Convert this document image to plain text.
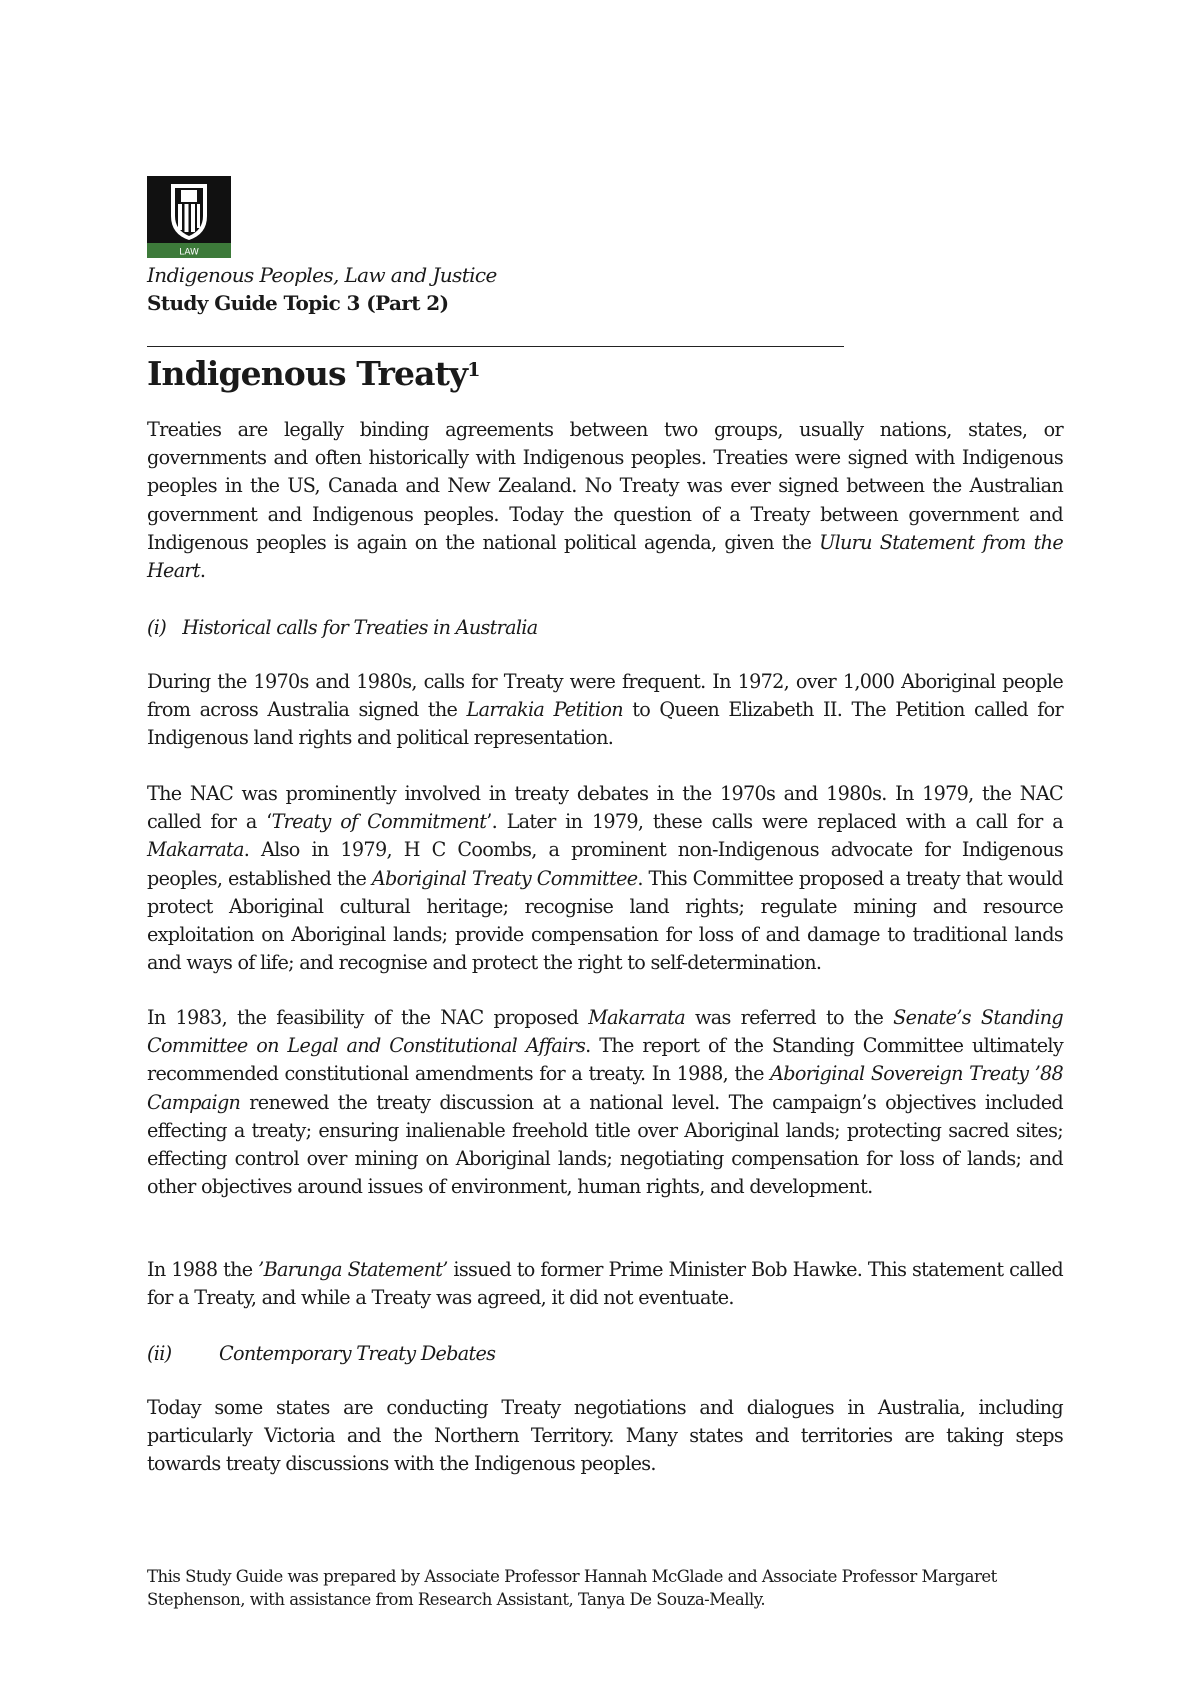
LAW
Indigenous Peoples, Law and Justice
Study Guide Topic 3 (Part 2)
Indigenous Treaty$^1$

Treaties are legally binding agreements between two groups, usually nations, states, or governments and often historically with Indigenous peoples. Treaties were signed with Indigenous peoples in the US, Canada and New Zealand. No Treaty was ever signed between the Australian government and Indigenous peoples. Today the question of a Treaty between government and Indigenous peoples is again on the national political agenda, given the Uluru Statement from the Heart.

(i) Historical calls for Treaties in Australia

During the 1970s and 1980s, calls for Treaty were frequent. In 1972, over 1,000 Aboriginal people from across Australia signed the Larrakia Petition to Queen Elizabeth II. The Petition called for Indigenous land rights and political representation.

The NAC was prominently involved in treaty debates in the 1970s and 1980s. In 1979, the NAC called for a ‘Treaty of Commitment’. Later in 1979, these calls were replaced with a call for a Makarrata. Also in 1979, H C Coombs, a prominent non-Indigenous advocate for Indigenous peoples, established the Aboriginal Treaty Committee. This Committee proposed a treaty that would protect Aboriginal cultural heritage; recognise land rights; regulate mining and resource exploitation on Aboriginal lands; provide compensation for loss of and damage to traditional lands and ways of life; and recognise and protect the right to self-determination.

In 1983, the feasibility of the NAC proposed Makarrata was referred to the Senate’s Standing Committee on Legal and Constitutional Affairs. The report of the Standing Committee ultimately recommended constitutional amendments for a treaty. In 1988, the Aboriginal Sovereign Treaty ’88 Campaign renewed the treaty discussion at a national level. The campaign’s objectives included effecting a treaty; ensuring inalienable freehold title over Aboriginal lands; protecting sacred sites; effecting control over mining on Aboriginal lands; negotiating compensation for loss of lands; and other objectives around issues of environment, human rights, and development.

In 1988 the ’Barunga Statement’ issued to former Prime Minister Bob Hawke. This statement called for a Treaty, and while a Treaty was agreed, it did not eventuate.

(ii) Contemporary Treaty Debates

Today some states are conducting Treaty negotiations and dialogues in Australia, including particularly Victoria and the Northern Territory. Many states and territories are taking steps towards treaty discussions with the Indigenous peoples.

This Study Guide was prepared by Associate Professor Hannah McGlade and Associate Professor Margaret Stephenson, with assistance from Research Assistant, Tanya De Souza-Meally.
